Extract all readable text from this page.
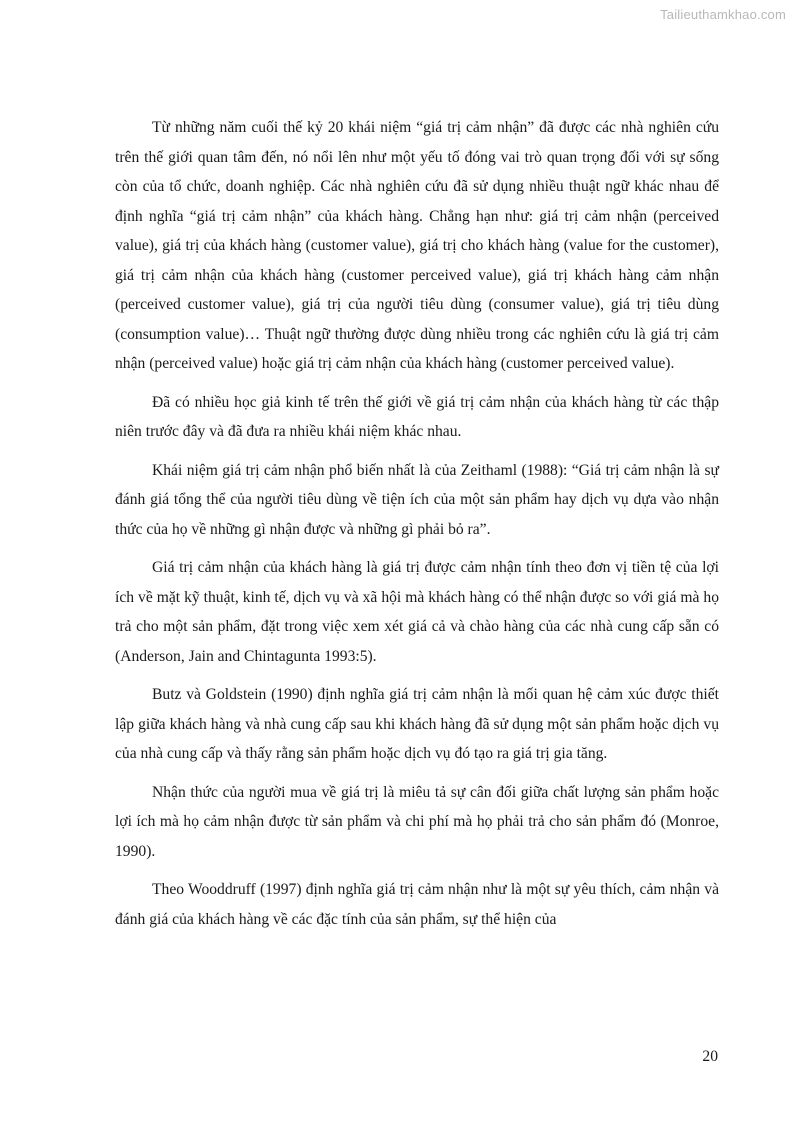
Tailieuthamkhao.com

Từ những năm cuối thế kỷ 20 khái niệm “giá trị cảm nhận” đã được các nhà nghiên cứu trên thế giới quan tâm đến, nó nổi lên như một yếu tố đóng vai trò quan trọng đối với sự sống còn của tổ chức, doanh nghiệp. Các nhà nghiên cứu đã sử dụng nhiều thuật ngữ khác nhau để định nghĩa “giá trị cảm nhận” của khách hàng. Chẳng hạn như: giá trị cảm nhận (perceived value), giá trị của khách hàng (customer value), giá trị cho khách hàng (value for the customer), giá trị cảm nhận của khách hàng (customer perceived value), giá trị khách hàng cảm nhận (perceived customer value), giá trị của người tiêu dùng (consumer value), giá trị tiêu dùng (consumption value)… Thuật ngữ thường được dùng nhiều trong các nghiên cứu là giá trị cảm nhận (perceived value) hoặc giá trị cảm nhận của khách hàng (customer perceived value).

Đã có nhiều học giả kinh tế trên thế giới về giá trị cảm nhận của khách hàng từ các thập niên trước đây và đã đưa ra nhiều khái niệm khác nhau.

Khái niệm giá trị cảm nhận phổ biến nhất là của Zeithaml (1988): “Giá trị cảm nhận là sự đánh giá tổng thể của người tiêu dùng về tiện ích của một sản phẩm hay dịch vụ dựa vào nhận thức của họ về những gì nhận được và những gì phải bỏ ra”.

Giá trị cảm nhận của khách hàng là giá trị được cảm nhận tính theo đơn vị tiền tệ của lợi ích về mặt kỹ thuật, kinh tế, dịch vụ và xã hội mà khách hàng có thể nhận được so với giá mà họ trả cho một sản phẩm, đặt trong việc xem xét giá cả và chào hàng của các nhà cung cấp sẵn có (Anderson, Jain and Chintagunta 1993:5).

Butz và Goldstein (1990) định nghĩa giá trị cảm nhận là mối quan hệ cảm xúc được thiết lập giữa khách hàng và nhà cung cấp sau khi khách hàng đã sử dụng một sản phẩm hoặc dịch vụ của nhà cung cấp và thấy rằng sản phẩm hoặc dịch vụ đó tạo ra giá trị gia tăng.

Nhận thức của người mua về giá trị là miêu tả sự cân đối giữa chất lượng sản phẩm hoặc lợi ích mà họ cảm nhận được từ sản phẩm và chi phí mà họ phải trả cho sản phẩm đó (Monroe, 1990).

Theo Wooddruff (1997) định nghĩa giá trị cảm nhận như là một sự yêu thích, cảm nhận và đánh giá của khách hàng về các đặc tính của sản phẩm, sự thể hiện của

20
